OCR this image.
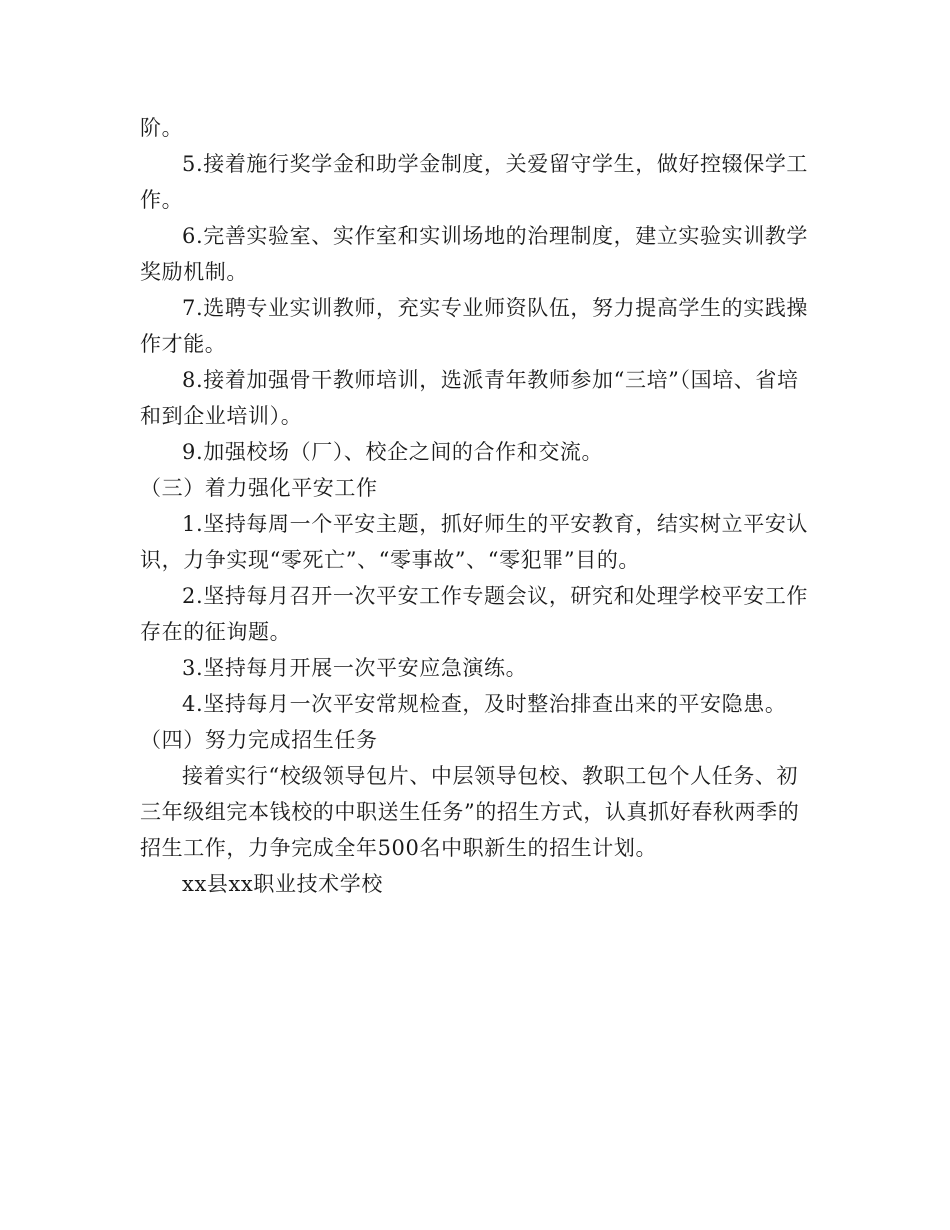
阶。

5.接着施行奖学金和助学金制度，关爱留守学生，做好控辍保学工作。

6.完善实验室、实作室和实训场地的治理制度，建立实验实训教学奖励机制。

7.选聘专业实训教师，充实专业师资队伍，努力提高学生的实践操作才能。

8.接着加强骨干教师培训，选派青年教师参加“三培”（国培、省培和到企业培训）。

9.加强校场（厂）、校企之间的合作和交流。

（三）着力强化平安工作

1.坚持每周一个平安主题，抓好师生的平安教育，结实树立平安认识，力争实现“零死亡”、“零事故”、“零犯罪”目的。

2.坚持每月召开一次平安工作专题会议，研究和处理学校平安工作存在的征询题。

3.坚持每月开展一次平安应急演练。

4.坚持每月一次平安常规检查，及时整治排查出来的平安隐患。

（四）努力完成招生任务

接着实行“校级领导包片、中层领导包校、教职工包个人任务、初三年级组完本钱校的中职送生任务”的招生方式，认真抓好春秋两季的招生工作，力争完成全年500名中职新生的招生计划。

xx县xx职业技术学校
